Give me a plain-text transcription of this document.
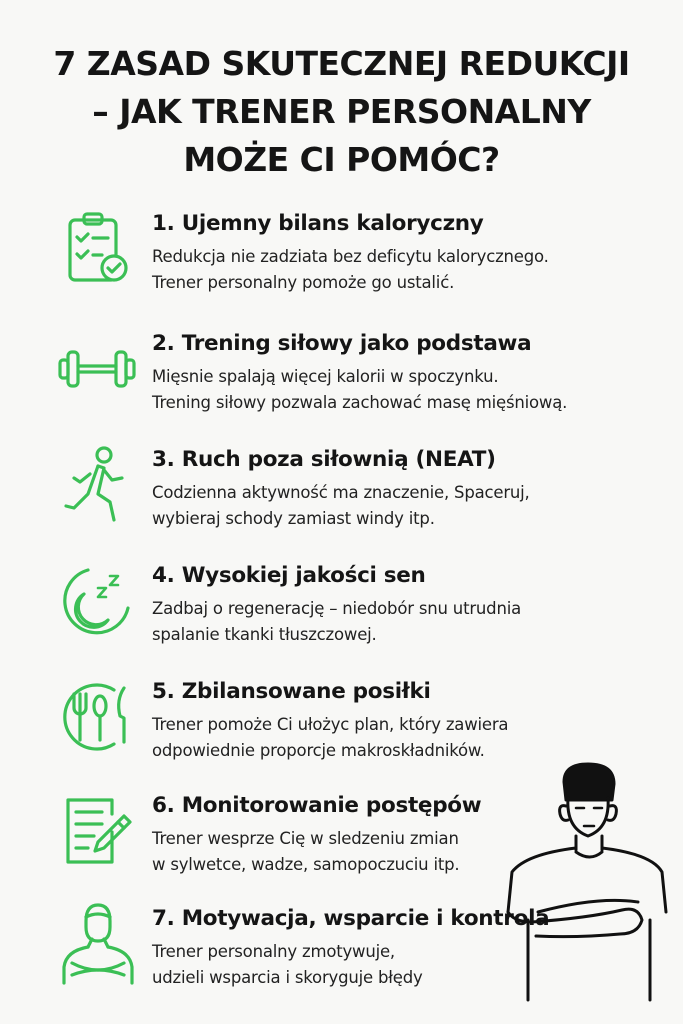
7 ZASAD SKUTECZNEJ REDUKCJI
– JAK TRENER PERSONALNY
MOŻE CI POMÓC?
1. Ujemny bilans kaloryczny
Redukcja nie zadziata bez deficytu kalorycznego.
Trener personalny pomoże go ustalić.
2. Trening siłowy jako podstawa
Mięsnie spalają więcej kalorii w spoczynku.
Trening siłowy pozwala zachować masę mięśniową.
3. Ruch poza siłownią (NEAT)
Codzienna aktywność ma znaczenie, Spaceruj,
wybieraj schody zamiast windy itp.
4. Wysokiej jakości sen
Zadbaj o regenerację – niedobór snu utrudnia
spalanie tkanki tłuszczowej.
5. Zbilansowane posiłki
Trener pomoże Ci ułożyc plan, który zawiera
odpowiednie proporcje makroskładników.
6. Monitorowanie postępów
Trener wesprze Cię w sledzeniu zmian
w sylwetce, wadze, samopoczuciu itp.
7. Motywacja, wsparcie i kontrola
Trener personalny zmotywuje,
udzieli wsparcia i skoryguje błędy
